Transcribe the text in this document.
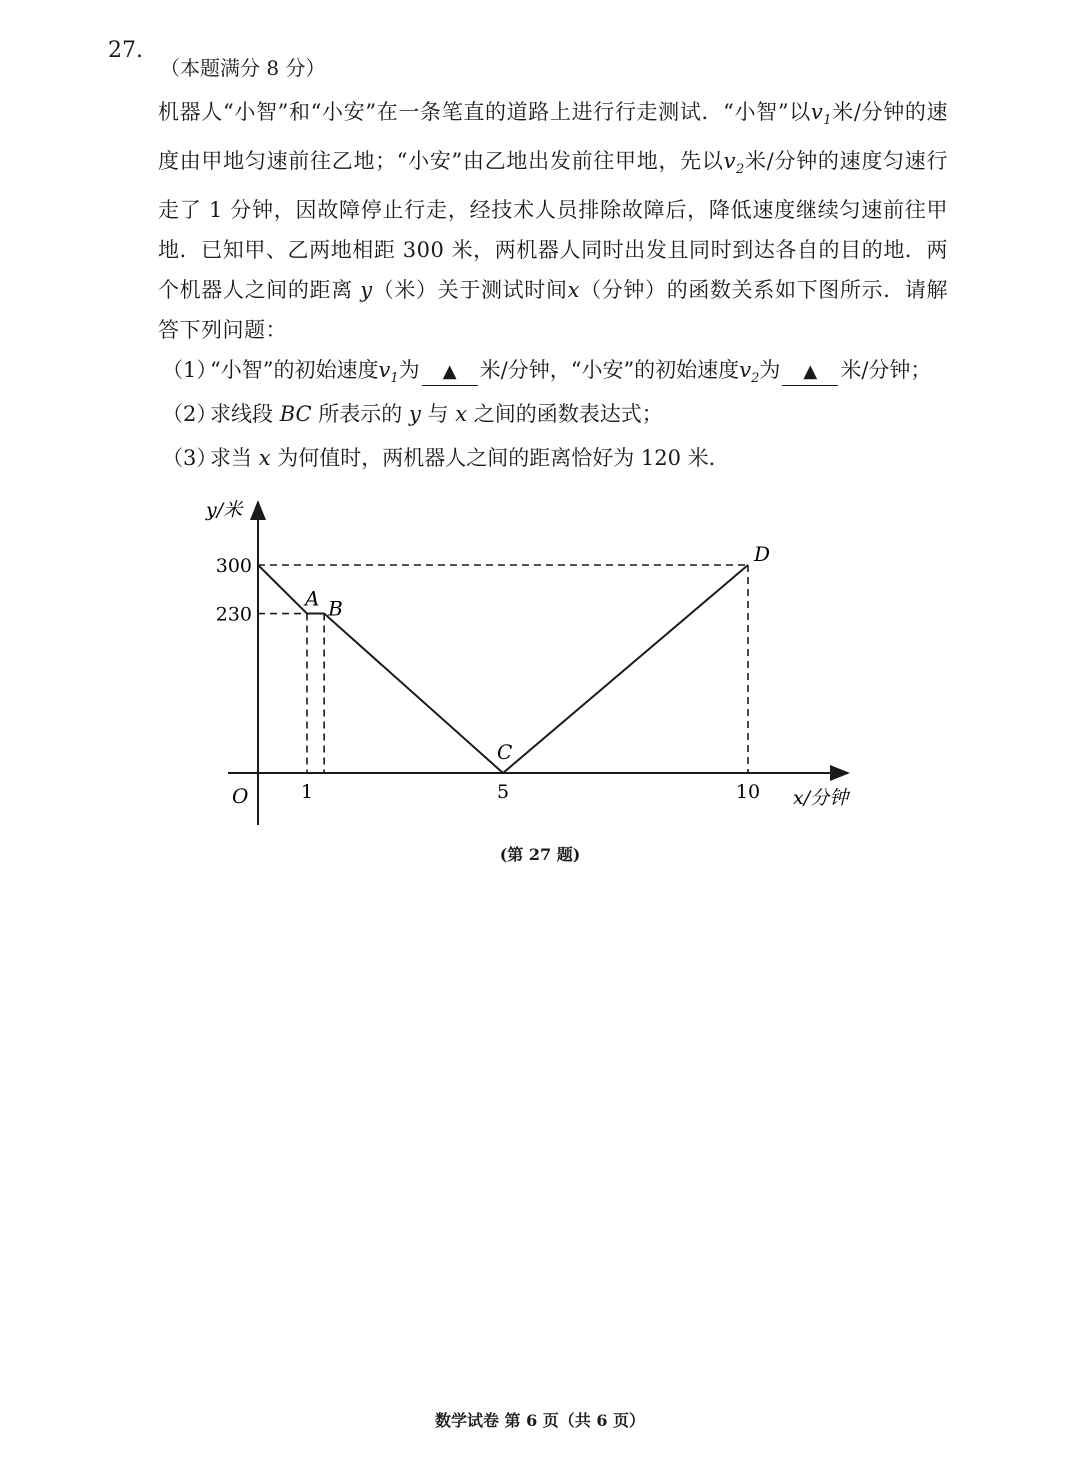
27.
（本题满分 8 分）
机器人“小智”和“小安”在一条笔直的道路上进行行走测试．“小智”以$v_1$米/分钟的速度由甲地匀速前往乙地；“小安”由乙地出发前往甲地，先以$v_2$米/分钟的速度匀速行走了 1 分钟，因故障停止行走，经技术人员排除故障后，降低速度继续匀速前往甲地．已知甲、乙两地相距 300 米，两机器人同时出发且同时到达各自的目的地．两个机器人之间的距离 y（米）关于测试时间x（分钟）的函数关系如下图所示．请解答下列问题：
（1）“小智”的初始速度$v_1$为 ▲ 米/分钟，“小安”的初始速度$v_2$为 ▲ 米/分钟；
（2）求线段 BC 所表示的 y 与 x 之间的函数表达式；
（3）求当 x 为何值时，两机器人之间的距离恰好为 120 米.
y/米
x/分钟
O
300
230
1	5	10
A B
C
D
(第 27 题)
数学试卷 第 6 页（共 6 页）
